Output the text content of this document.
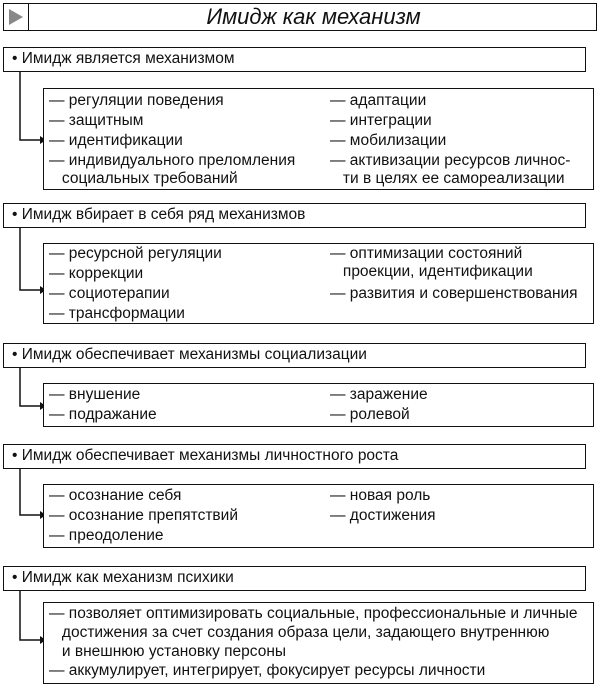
Имидж как механизм
• Имидж является механизмом
— регуляции поведения
— защитным
— идентификации
— индивидуального преломления
социальных требований
— адаптации
— интеграции
— мобилизации
— активизации ресурсов личнос-
ти в целях ее самореализации
• Имидж вбирает в себя ряд механизмов
— ресурсной регуляции
— коррекции
— социотерапии
— трансформации
— оптимизации состояний
проекции, идентификации
— развития и совершенствования
• Имидж обеспечивает механизмы социализации
— внушение
— подражание
— заражение
— ролевой
• Имидж обеспечивает механизмы личностного роста
— осознание себя
— осознание препятствий
— преодоление
— новая роль
— достижения
• Имидж как механизм психики
— позволяет оптимизировать социальные, профессиональные и личные
достижения за счет создания образа цели, задающего внутреннюю
и внешнюю установку персоны
— аккумулирует, интегрирует, фокусирует ресурсы личности
